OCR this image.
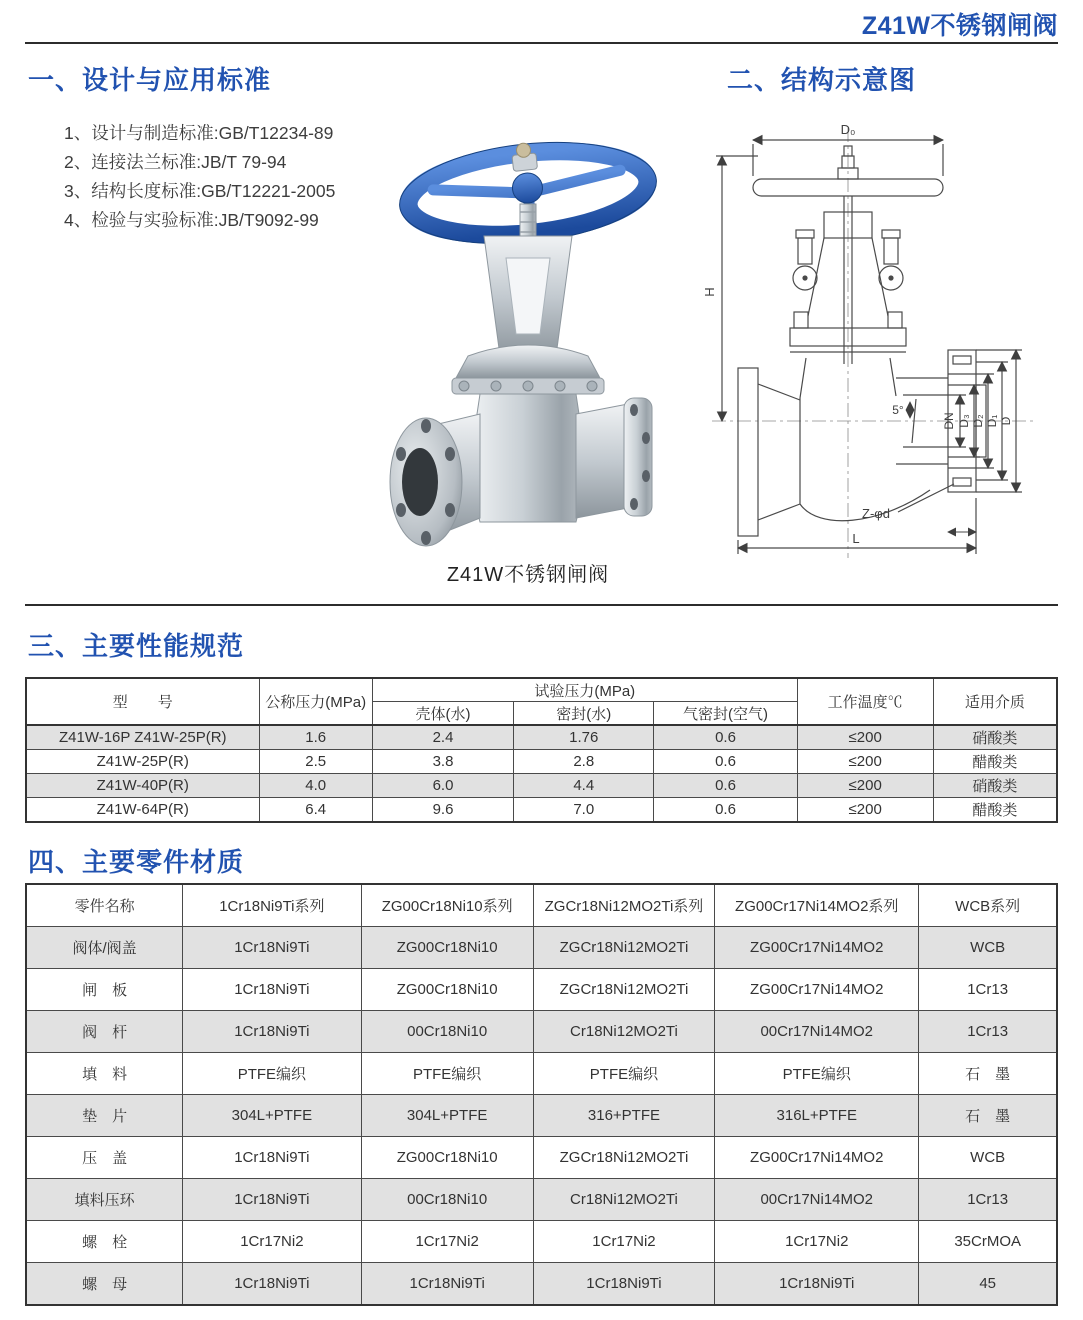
Z41W不锈钢闸阀
一、设计与应用标准	二、结构示意图
1、设计与制造标准:GB/T12234-89
2、连接法兰标准:JB/T 79-94
3、结构长度标准:GB/T12221-2005
4、检验与实验标准:JB/T9092-99
Z41W不锈钢闸阀
D₀
H
L
DN D₃ D₂ D₁ D
5°
Z-φd
三、主要性能规范
型　　号	公称压力(MPa)	试验压力(MPa)			工作温度℃	适用介质
		壳体(水)	密封(水)	气密封(空气)		
Z41W-16P Z41W-25P(R)	1.6	2.4	1.76	0.6	≤200	硝酸类
Z41W-25P(R)	2.5	3.8	2.8	0.6	≤200	醋酸类
Z41W-40P(R)	4.0	6.0	4.4	0.6	≤200	硝酸类
Z41W-64P(R)	6.4	9.6	7.0	0.6	≤200	醋酸类
四、主要零件材质
零件名称	1Cr18Ni9Ti系列	ZG00Cr18Ni10系列	ZGCr18Ni12MO2Ti系列	ZG00Cr17Ni14MO2系列	WCB系列
阀体/阀盖	1Cr18Ni9Ti	ZG00Cr18Ni10	ZGCr18Ni12MO2Ti	ZG00Cr17Ni14MO2	WCB
闸　板	1Cr18Ni9Ti	ZG00Cr18Ni10	ZGCr18Ni12MO2Ti	ZG00Cr17Ni14MO2	1Cr13
阀　杆	1Cr18Ni9Ti	00Cr18Ni10	Cr18Ni12MO2Ti	00Cr17Ni14MO2	1Cr13
填　料	PTFE编织	PTFE编织	PTFE编织	PTFE编织	石　墨
垫　片	304L+PTFE	304L+PTFE	316+PTFE	316L+PTFE	石　墨
压　盖	1Cr18Ni9Ti	ZG00Cr18Ni10	ZGCr18Ni12MO2Ti	ZG00Cr17Ni14MO2	WCB
填料压环	1Cr18Ni9Ti	00Cr18Ni10	Cr18Ni12MO2Ti	00Cr17Ni14MO2	1Cr13
螺　栓	1Cr17Ni2	1Cr17Ni2	1Cr17Ni2	1Cr17Ni2	35CrMOA
螺　母	1Cr18Ni9Ti	1Cr18Ni9Ti	1Cr18Ni9Ti	1Cr18Ni9Ti	45
